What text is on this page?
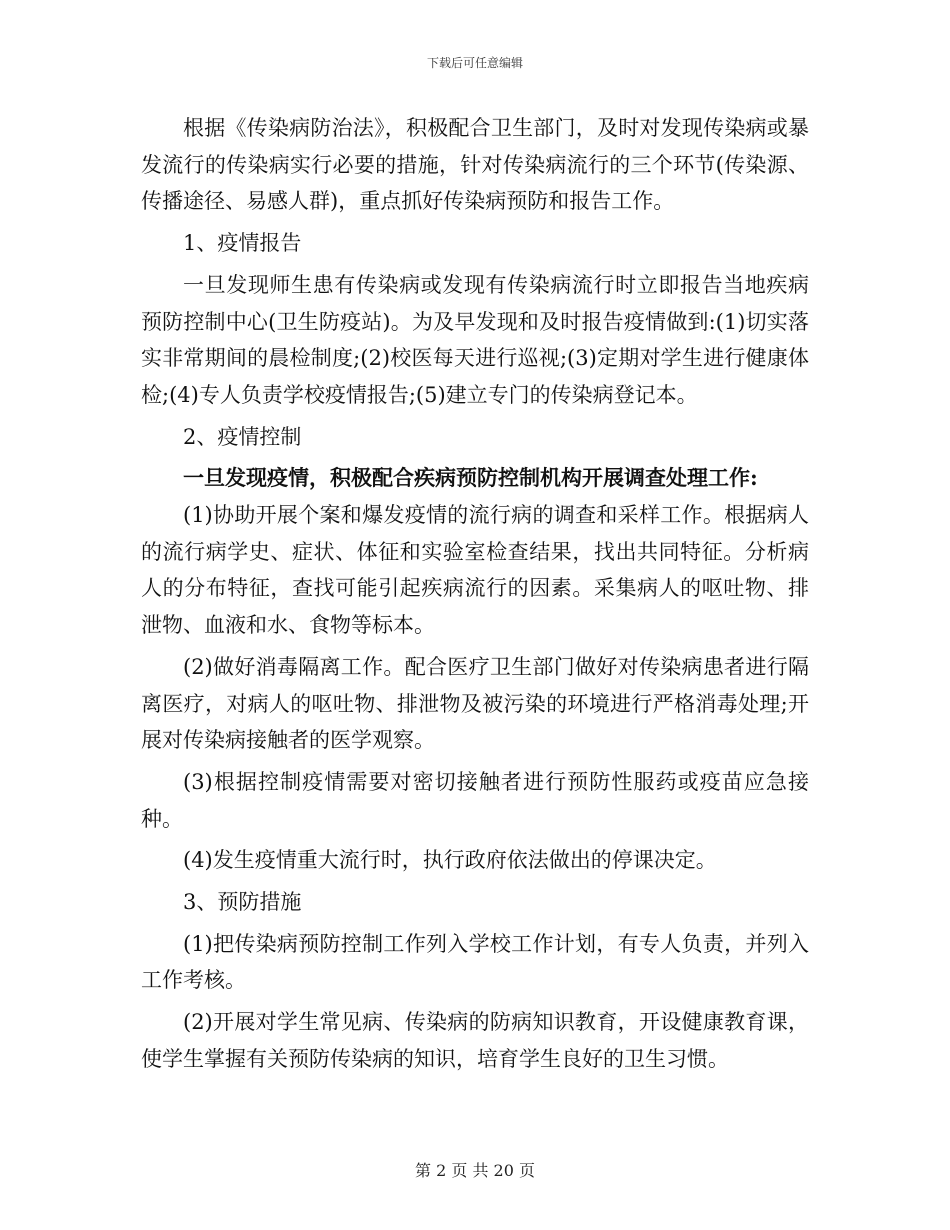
下载后可任意编辑

根据《传染病防治法》，积极配合卫生部门，及时对发现传染病或暴发流行的传染病实行必要的措施，针对传染病流行的三个环节(传染源、传播途径、易感人群)，重点抓好传染病预防和报告工作。

1、疫情报告

一旦发现师生患有传染病或发现有传染病流行时立即报告当地疾病预防控制中心(卫生防疫站)。为及早发现和及时报告疫情做到:(1)切实落实非常期间的晨检制度;(2)校医每天进行巡视;(3)定期对学生进行健康体检;(4)专人负责学校疫情报告;(5)建立专门的传染病登记本。

2、疫情控制

一旦发现疫情，积极配合疾病预防控制机构开展调查处理工作:

(1)协助开展个案和爆发疫情的流行病的调查和采样工作。根据病人的流行病学史、症状、体征和实验室检查结果，找出共同特征。分析病人的分布特征，查找可能引起疾病流行的因素。采集病人的呕吐物、排泄物、血液和水、食物等标本。

(2)做好消毒隔离工作。配合医疗卫生部门做好对传染病患者进行隔离医疗，对病人的呕吐物、排泄物及被污染的环境进行严格消毒处理;开展对传染病接触者的医学观察。

(3)根据控制疫情需要对密切接触者进行预防性服药或疫苗应急接种。

(4)发生疫情重大流行时，执行政府依法做出的停课决定。

3、预防措施

(1)把传染病预防控制工作列入学校工作计划，有专人负责，并列入工作考核。

(2)开展对学生常见病、传染病的防病知识教育，开设健康教育课，使学生掌握有关预防传染病的知识，培育学生良好的卫生习惯。

第 2 页 共 20 页
